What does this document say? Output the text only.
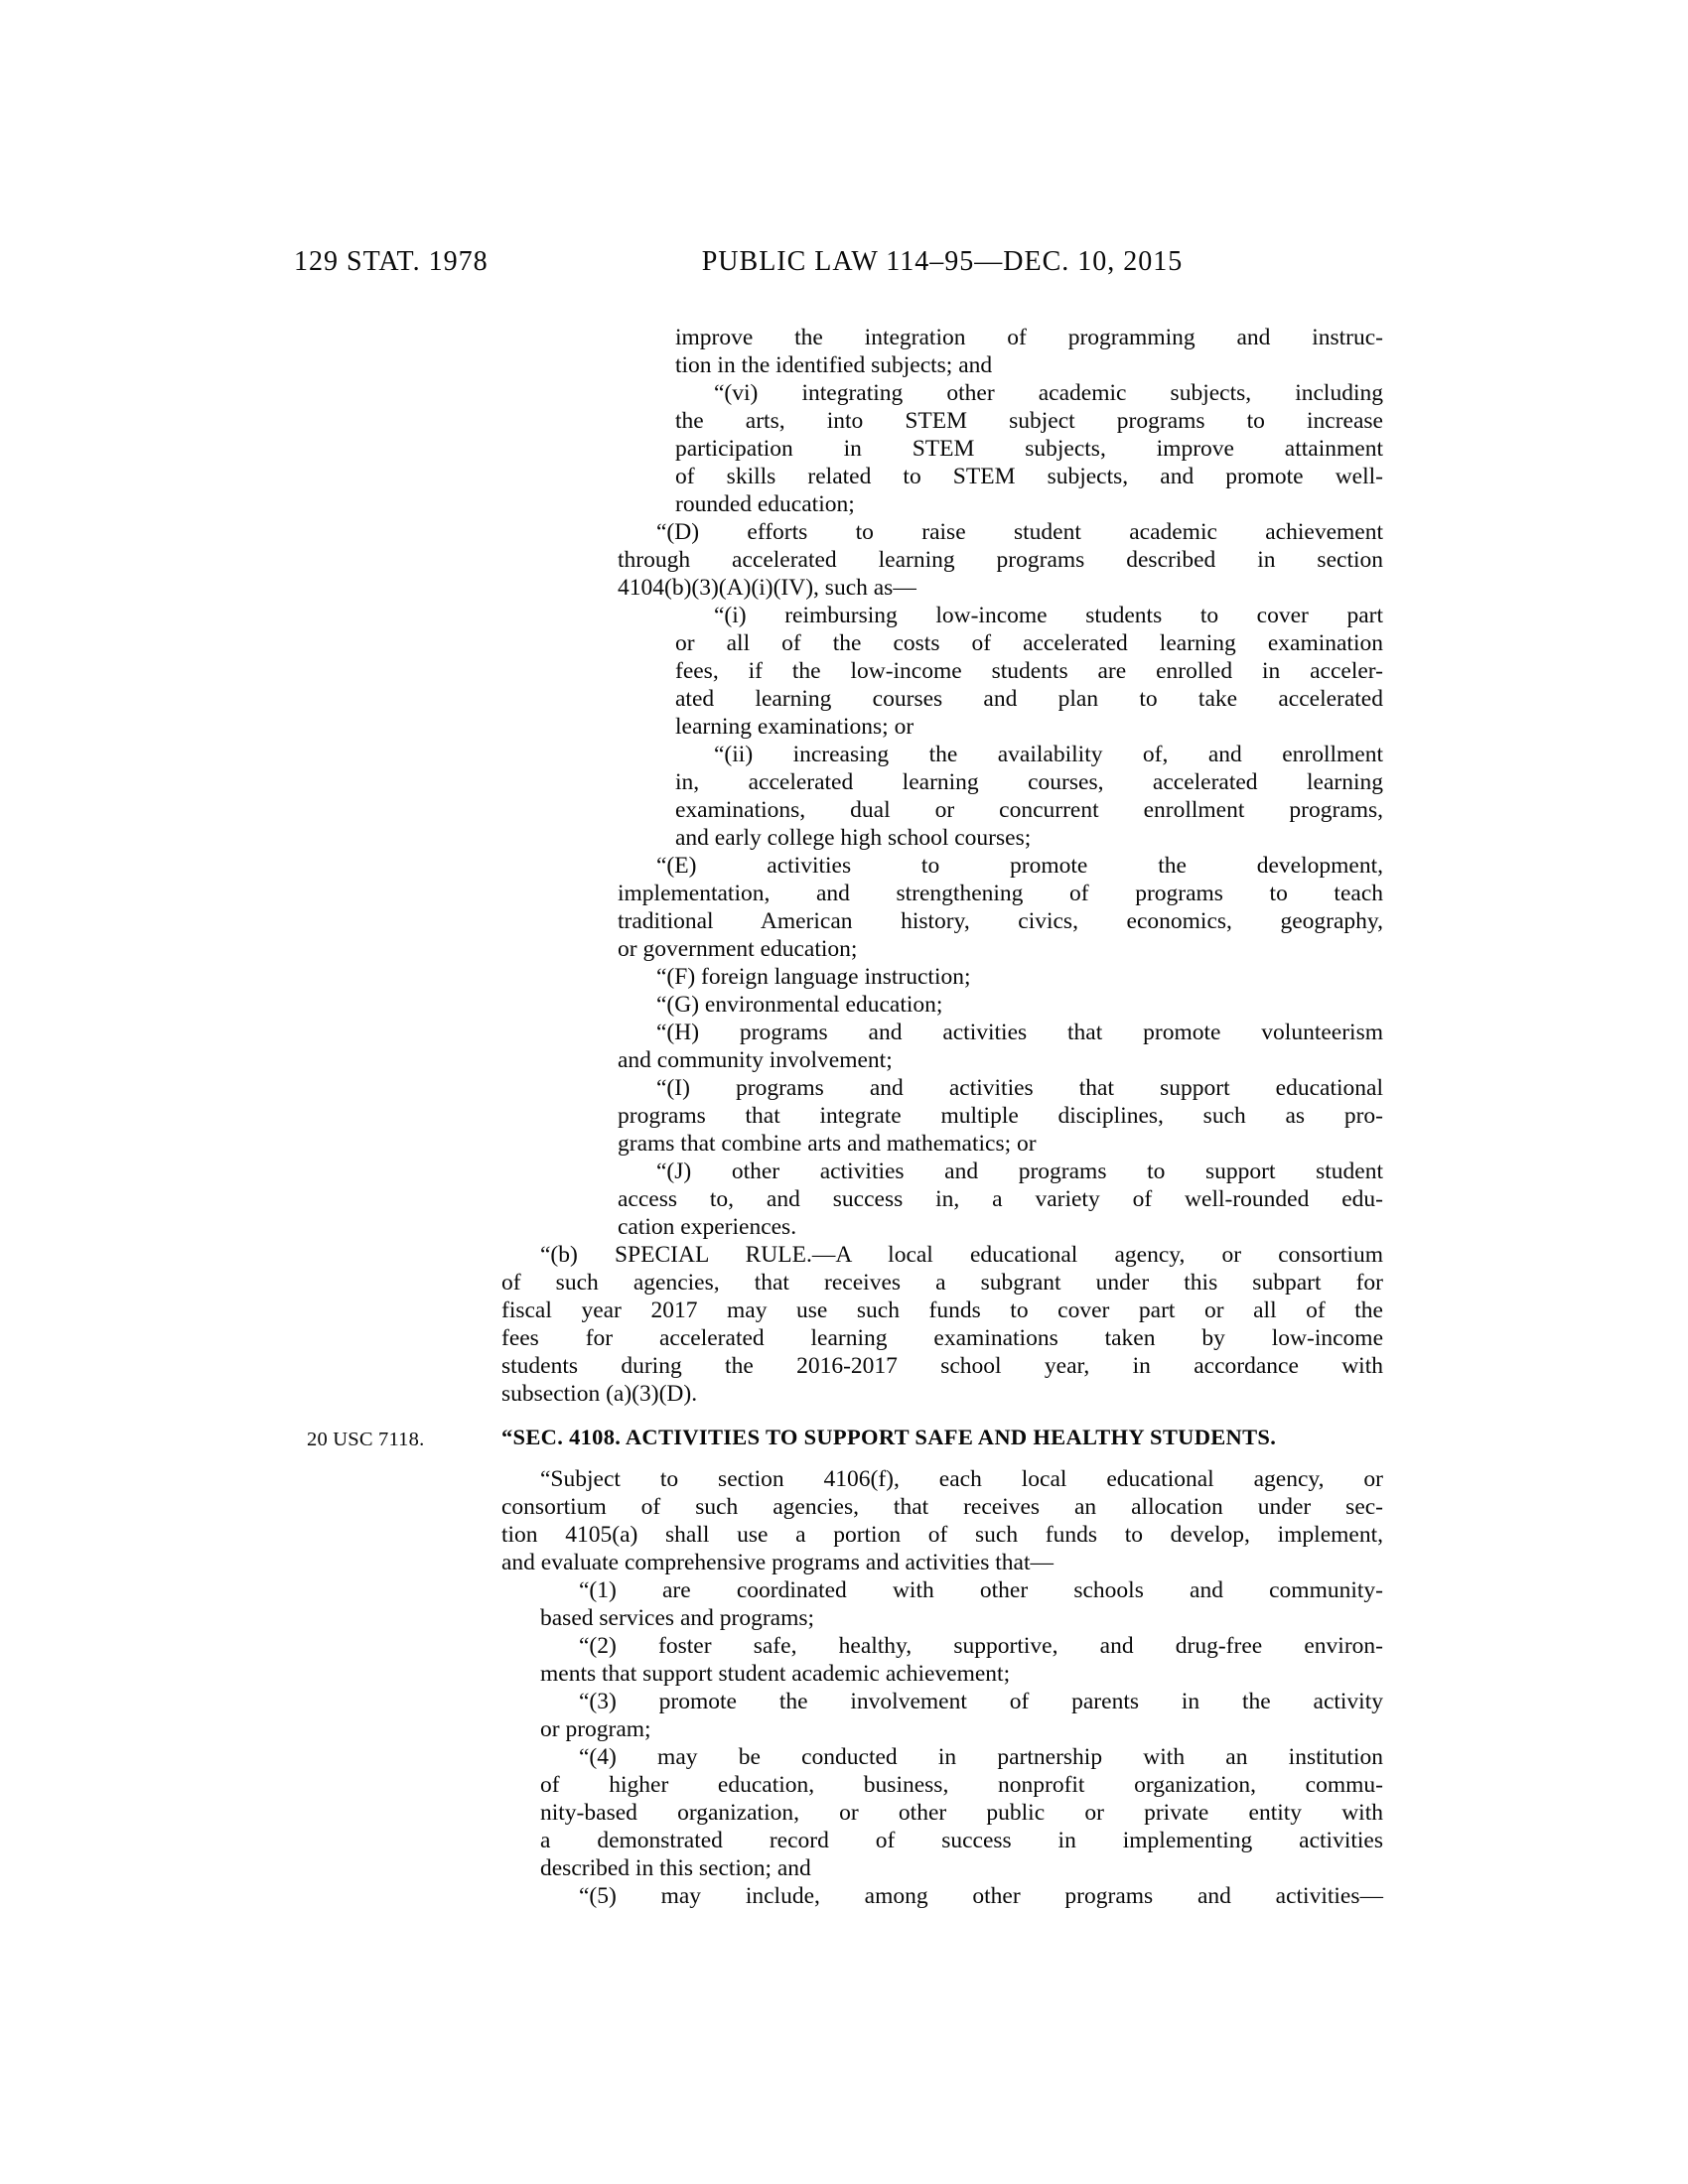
129 STAT. 1978	PUBLIC LAW 114–95—DEC. 10, 2015
improve the integration of programming and instruc-
tion in the identified subjects; and
“(vi) integrating other academic subjects, including
the arts, into STEM subject programs to increase
participation in STEM subjects, improve attainment
of skills related to STEM subjects, and promote well-
rounded education;
“(D) efforts to raise student academic achievement
through accelerated learning programs described in section
4104(b)(3)(A)(i)(IV), such as—
“(i) reimbursing low-income students to cover part
or all of the costs of accelerated learning examination
fees, if the low-income students are enrolled in acceler-
ated learning courses and plan to take accelerated
learning examinations; or
“(ii) increasing the availability of, and enrollment
in, accelerated learning courses, accelerated learning
examinations, dual or concurrent enrollment programs,
and early college high school courses;
“(E) activities to promote the development,
implementation, and strengthening of programs to teach
traditional American history, civics, economics, geography,
or government education;
“(F) foreign language instruction;
“(G) environmental education;
“(H) programs and activities that promote volunteerism
and community involvement;
“(I) programs and activities that support educational
programs that integrate multiple disciplines, such as pro-
grams that combine arts and mathematics; or
“(J) other activities and programs to support student
access to, and success in, a variety of well-rounded edu-
cation experiences.
“(b) SPECIAL RULE.—A local educational agency, or consortium
of such agencies, that receives a subgrant under this subpart for
fiscal year 2017 may use such funds to cover part or all of the
fees for accelerated learning examinations taken by low-income
students during the 2016-2017 school year, in accordance with
subsection (a)(3)(D).
20 USC 7118.	“SEC. 4108. ACTIVITIES TO SUPPORT SAFE AND HEALTHY STUDENTS.
“Subject to section 4106(f), each local educational agency, or
consortium of such agencies, that receives an allocation under sec-
tion 4105(a) shall use a portion of such funds to develop, implement,
and evaluate comprehensive programs and activities that—
“(1) are coordinated with other schools and community-
based services and programs;
“(2) foster safe, healthy, supportive, and drug-free environ-
ments that support student academic achievement;
“(3) promote the involvement of parents in the activity
or program;
“(4) may be conducted in partnership with an institution
of higher education, business, nonprofit organization, commu-
nity-based organization, or other public or private entity with
a demonstrated record of success in implementing activities
described in this section; and
“(5) may include, among other programs and activities—
